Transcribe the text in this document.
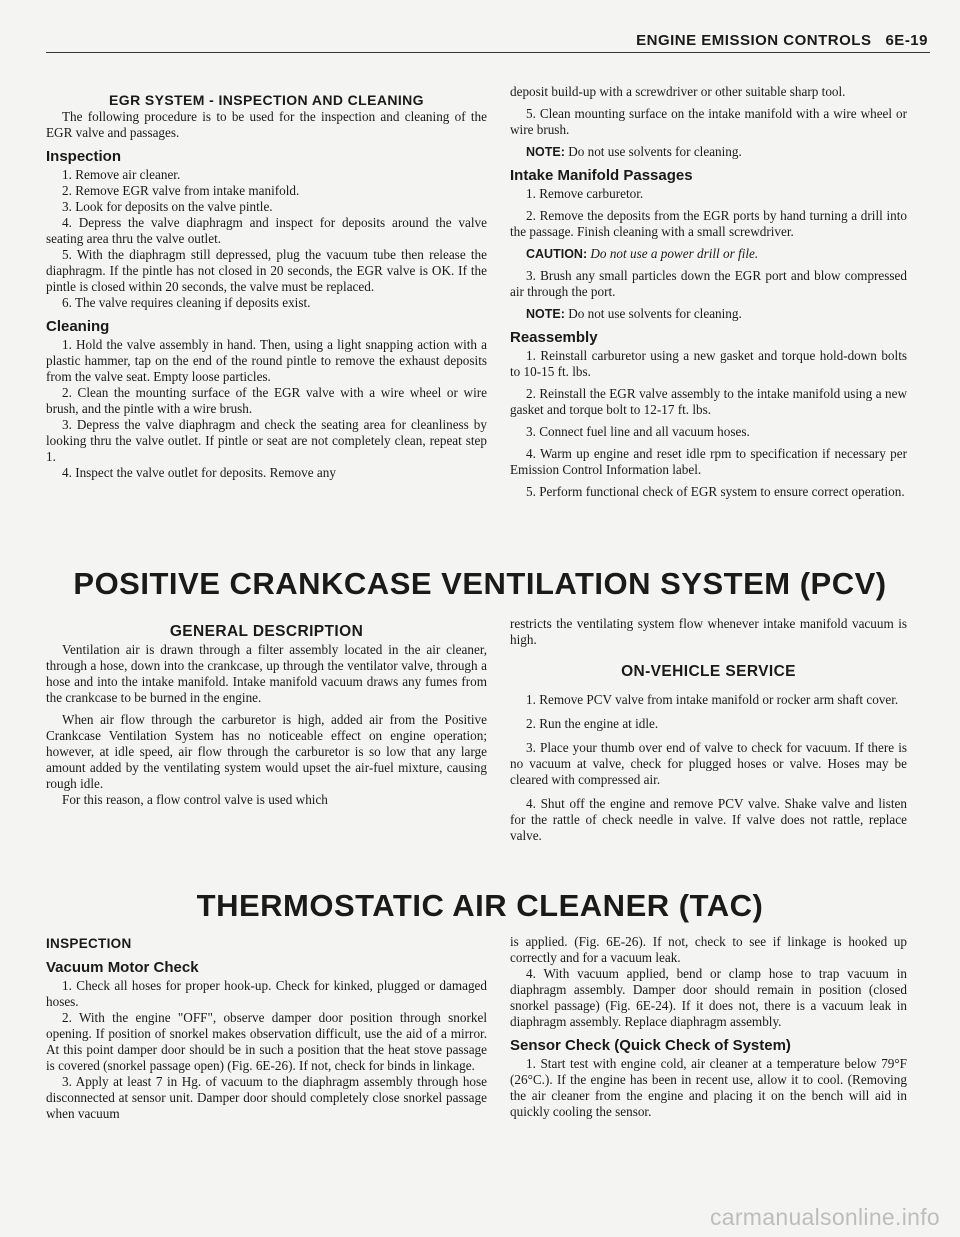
ENGINE EMISSION CONTROLS 6E-19
EGR SYSTEM - INSPECTION AND CLEANING

The following procedure is to be used for the inspection and cleaning of the EGR valve and passages.

Inspection

1. Remove air cleaner.

2. Remove EGR valve from intake manifold.

3. Look for deposits on the valve pintle.

4. Depress the valve diaphragm and inspect for deposits around the valve seating area thru the valve outlet.

5. With the diaphragm still depressed, plug the vacuum tube then release the diaphragm. If the pintle has not closed in 20 seconds, the EGR valve is OK. If the pintle is closed within 20 seconds, the valve must be replaced.

6. The valve requires cleaning if deposits exist.

Cleaning

1. Hold the valve assembly in hand. Then, using a light snapping action with a plastic hammer, tap on the end of the round pintle to remove the exhaust deposits from the valve seat. Empty loose particles.

2. Clean the mounting surface of the EGR valve with a wire wheel or wire brush, and the pintle with a wire brush.

3. Depress the valve diaphragm and check the seating area for cleanliness by looking thru the valve outlet. If pintle or seat are not completely clean, repeat step 1.

4. Inspect the valve outlet for deposits. Remove any

deposit build-up with a screwdriver or other suitable sharp tool.

5. Clean mounting surface on the intake manifold with a wire wheel or wire brush.

NOTE: Do not use solvents for cleaning.

Intake Manifold Passages

1. Remove carburetor.

2. Remove the deposits from the EGR ports by hand turning a drill into the passage. Finish cleaning with a small screwdriver.

CAUTION: Do not use a power drill or file.

3. Brush any small particles down the EGR port and blow compressed air through the port.

NOTE: Do not use solvents for cleaning.

Reassembly

1. Reinstall carburetor using a new gasket and torque hold-down bolts to 10-15 ft. lbs.

2. Reinstall the EGR valve assembly to the intake manifold using a new gasket and torque bolt to 12-17 ft. lbs.

3. Connect fuel line and all vacuum hoses.

4. Warm up engine and reset idle rpm to specification if necessary per Emission Control Information label.

5. Perform functional check of EGR system to ensure correct operation.

POSITIVE CRANKCASE VENTILATION SYSTEM (PCV)
GENERAL DESCRIPTION

Ventilation air is drawn through a filter assembly located in the air cleaner, through a hose, down into the crankcase, up through the ventilator valve, through a hose and into the intake manifold. Intake manifold vacuum draws any fumes from the crankcase to be burned in the engine.

When air flow through the carburetor is high, added air from the Positive Crankcase Ventilation System has no noticeable effect on engine operation; however, at idle speed, air flow through the carburetor is so low that any large amount added by the ventilating system would upset the air-fuel mixture, causing rough idle.

For this reason, a flow control valve is used which

restricts the ventilating system flow whenever intake manifold vacuum is high.

ON-VEHICLE SERVICE

1. Remove PCV valve from intake manifold or rocker arm shaft cover.

2. Run the engine at idle.

3. Place your thumb over end of valve to check for vacuum. If there is no vacuum at valve, check for plugged hoses or valve. Hoses may be cleared with compressed air.

4. Shut off the engine and remove PCV valve. Shake valve and listen for the rattle of check needle in valve. If valve does not rattle, replace valve.

THERMOSTATIC AIR CLEANER (TAC)
INSPECTION
Vacuum Motor Check

1. Check all hoses for proper hook-up. Check for kinked, plugged or damaged hoses.

2. With the engine "OFF", observe damper door position through snorkel opening. If position of snorkel makes observation difficult, use the aid of a mirror. At this point damper door should be in such a position that the heat stove passage is covered (snorkel passage open) (Fig. 6E-26). If not, check for binds in linkage.

3. Apply at least 7 in Hg. of vacuum to the diaphragm assembly through hose disconnected at sensor unit. Damper door should completely close snorkel passage when vacuum

is applied. (Fig. 6E-26). If not, check to see if linkage is hooked up correctly and for a vacuum leak.

4. With vacuum applied, bend or clamp hose to trap vacuum in diaphragm assembly. Damper door should remain in position (closed snorkel passage) (Fig. 6E-24). If it does not, there is a vacuum leak in diaphragm assembly. Replace diaphragm assembly.

Sensor Check (Quick Check of System)

1. Start test with engine cold, air cleaner at a temperature below 79°F (26°C.). If the engine has been in recent use, allow it to cool. (Removing the air cleaner from the engine and placing it on the bench will aid in quickly cooling the sensor.

carmanualsonline.info
